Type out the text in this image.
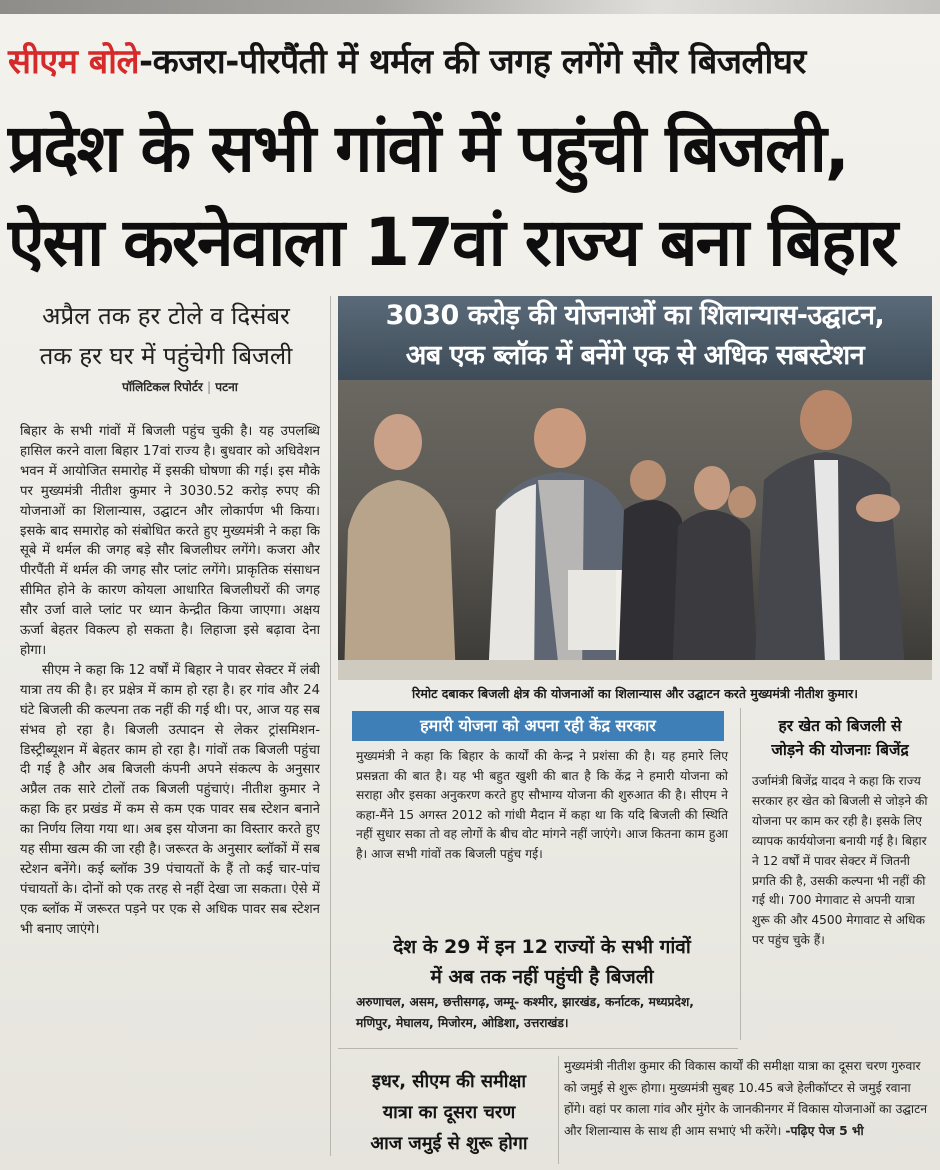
सीएम बोले-कजरा-पीरपैंती में थर्मल की जगह लगेंगे सौर बिजलीघर
प्रदेश के सभी गांवों में पहुंची बिजली,
ऐसा करनेवाला 17वां राज्य बना बिहार
अप्रैल तक हर टोले व दिसंबर
तक हर घर में पहुंचेगी बिजली
पॉलिटिकल रिपोर्टर | पटना

बिहार के सभी गांवों में बिजली पहुंच चुकी है। यह उपलब्धि हासिल करने वाला बिहार 17वां राज्य है। बुधवार को अधिवेशन भवन में आयोजित समारोह में इसकी घोषणा की गई। इस मौके पर मुख्यमंत्री नीतीश कुमार ने 3030.52 करोड़ रुपए की योजनाओं का शिलान्यास, उद्घाटन और लोकार्पण भी किया। इसके बाद समारोह को संबोधित करते हुए मुख्यमंत्री ने कहा कि सूबे में थर्मल की जगह बड़े सौर बिजलीघर लगेंगे। कजरा और पीरपैंती में थर्मल की जगह सौर प्लांट लगेंगे। प्राकृतिक संसाधन सीमित होने के कारण कोयला आधारित बिजलीघरों की जगह सौर उर्जा वाले प्लांट पर ध्यान केन्द्रीत किया जाएगा। अक्षय ऊर्जा बेहतर विकल्प हो सकता है। लिहाजा इसे बढ़ावा देना होगा।

सीएम ने कहा कि 12 वर्षों में बिहार ने पावर सेक्टर में लंबी यात्रा तय की है। हर प्रक्षेत्र में काम हो रहा है। हर गांव और 24 घंटे बिजली की कल्पना तक नहीं की गई थी। पर, आज यह सब संभव हो रहा है। बिजली उत्पादन से लेकर ट्रांसमिशन-डिस्ट्रीब्यूशन में बेहतर काम हो रहा है। गांवों तक बिजली पहुंचा दी गई है और अब बिजली कंपनी अपने संकल्प के अनुसार अप्रैल तक सारे टोलों तक बिजली पहुंचाएं। नीतीश कुमार ने कहा कि हर प्रखंड में कम से कम एक पावर सब स्टेशन बनाने का निर्णय लिया गया था। अब इस योजना का विस्तार करते हुए यह सीमा खत्म की जा रही है। जरूरत के अनुसार ब्लॉकों में सब स्टेशन बनेंगे। कई ब्लॉक 39 पंचायतों के हैं तो कई चार-पांच पंचायतों के। दोनों को एक तरह से नहीं देखा जा सकता। ऐसे में एक ब्लॉक में जरूरत पड़ने पर एक से अधिक पावर सब स्टेशन भी बनाए जाएंगे।

3030 करोड़ की योजनाओं का शिलान्यास-उद्घाटन,
अब एक ब्लॉक में बनेंगे एक से अधिक सबस्टेशन
रिमोट दबाकर बिजली क्षेत्र की योजनाओं का शिलान्यास और उद्घाटन करते मुख्यमंत्री नीतीश कुमार।
हमारी योजना को अपना रही केंद्र सरकार
मुख्यमंत्री ने कहा कि बिहार के कार्यों की केन्द्र ने प्रशंसा की है। यह हमारे लिए प्रसन्नता की बात है। यह भी बहुत खुशी की बात है कि केंद्र ने हमारी योजना को सराहा और इसका अनुकरण करते हुए सौभाग्य योजना की शुरुआत की है। सीएम ने कहा-मैंने 15 अगस्त 2012 को गांधी मैदान में कहा था कि यदि बिजली की स्थिति नहीं सुधार सका तो वह लोगों के बीच वोट मांगने नहीं जाएंगे। आज कितना काम हुआ है। आज सभी गांवों तक बिजली पहुंच गई।
देश के 29 में इन 12 राज्यों के सभी गांवों
में अब तक नहीं पहुंची है बिजली
अरुणाचल, असम, छत्तीसगढ़, जम्मू- कश्मीर, झारखंड, कर्नाटक, मध्यप्रदेश, मणिपुर, मेघालय, मिजोरम, ओडिशा, उत्तराखंड।
हर खेत को बिजली से
जोड़ने की योजनाः बिजेंद्र
उर्जामंत्री बिजेंद्र यादव ने कहा कि राज्य सरकार हर खेत को बिजली से जोड़ने की योजना पर काम कर रही है। इसके लिए व्यापक कार्ययोजना बनायी गई है। बिहार ने 12 वर्षों में पावर सेक्टर में जितनी प्रगति की है, उसकी कल्पना भी नहीं की गई थी। 700 मेगावाट से अपनी यात्रा शुरू की और 4500 मेगावाट से अधिक पर पहुंच चुके हैं।
इधर, सीएम की समीक्षा
यात्रा का दूसरा चरण
आज जमुई से शुरू होगा
मुख्यमंत्री नीतीश कुमार की विकास कार्यों की समीक्षा यात्रा का दूसरा चरण गुरुवार को जमुई से शुरू होगा। मुख्यमंत्री सुबह 10.45 बजे हेलीकॉप्टर से जमुई रवाना होंगे। वहां पर काला गांव और मुंगेर के जानकीनगर में विकास योजनाओं का उद्घाटन और शिलान्यास के साथ ही आम सभाएं भी करेंगे। -पढ़िए पेज 5 भी
